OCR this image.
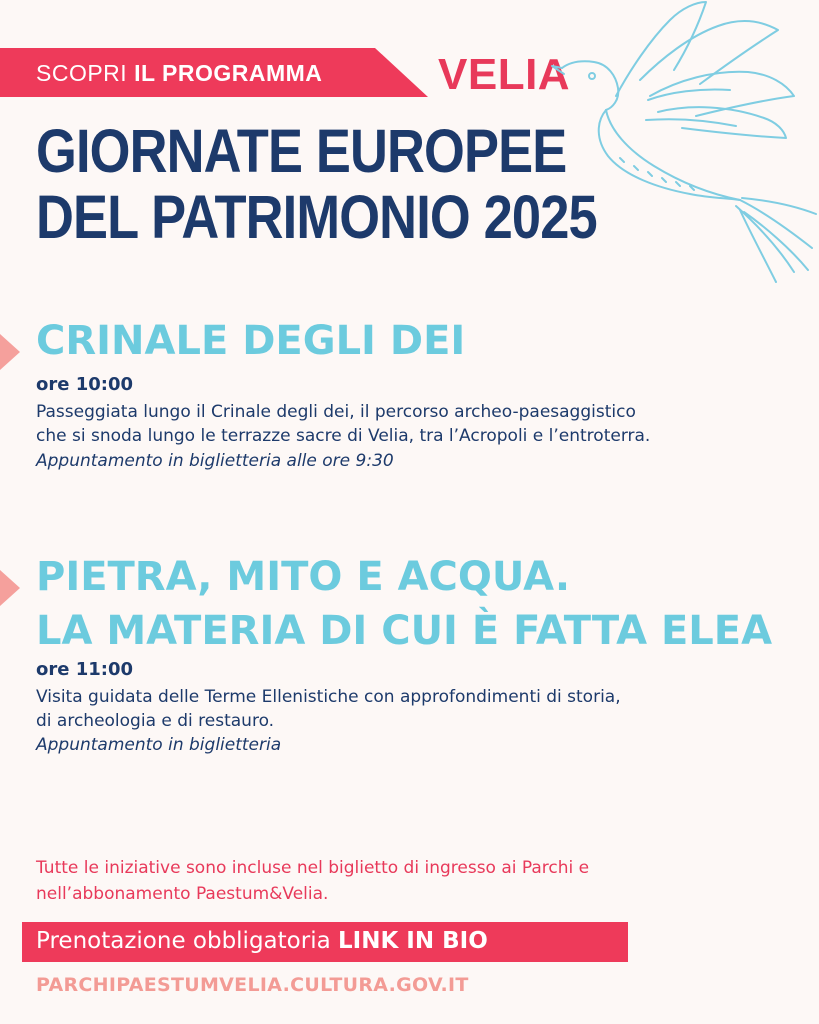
SCOPRI IL PROGRAMMA	VELIA
GIORNATE EUROPEE
DEL PATRIMONIO 2025
CRINALE DEGLI DEI
ore 10:00
Passeggiata lungo il Crinale degli dei, il percorso archeo-paesaggistico
che si snoda lungo le terrazze sacre di Velia, tra l’Acropoli e l’entroterra.
Appuntamento in biglietteria alle ore 9:30
PIETRA, MITO E ACQUA.
LA MATERIA DI CUI È FATTA ELEA
ore 11:00
Visita guidata delle Terme Ellenistiche con approfondimenti di storia,
di archeologia e di restauro.
Appuntamento in biglietteria
Tutte le iniziative sono incluse nel biglietto di ingresso ai Parchi e
nell’abbonamento Paestum&Velia.
Prenotazione obbligatoria LINK IN BIO
PARCHIPAESTUMVELIA.CULTURA.GOV.IT
